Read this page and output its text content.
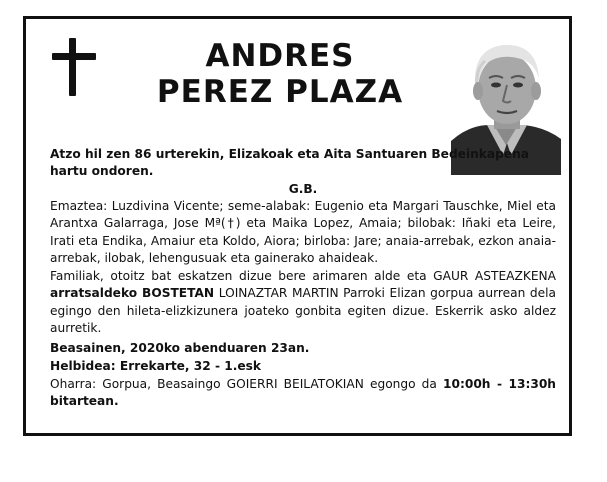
ANDRES
PEREZ PLAZA
Atzo hil zen 86 urterekin, Elizakoak eta Aita Santuaren Bedeinkapena hartu ondoren.
G.B.
Emaztea: Luzdivina Vicente; seme-alabak: Eugenio eta Margari Tauschke, Miel eta Arantxa Galarraga, Jose Mª(†) eta Maika Lopez, Amaia; bilobak: Iñaki eta Leire, Irati eta Endika, Amaiur eta Koldo, Aiora; birloba: Jare; anaia-arrebak, ezkon anaia-arrebak, ilobak, lehengusuak eta gainerako ahaideak.
Familiak, otoitz bat eskatzen dizue bere arimaren alde eta GAUR ASTEAZKENA arratsaldeko BOSTETAN LOINAZTAR MARTIN Parroki Elizan gorpua aurrean dela egingo den hileta-elizkizunera joateko gonbita egiten dizue. Eskerrik asko aldez aurretik.
Beasainen, 2020ko abenduaren 23an.
Helbidea: Errekarte, 32 - 1.esk
Oharra: Gorpua, Beasaingo GOIERRI BEILATOKIAN egongo da 10:00h - 13:30h bitartean.
